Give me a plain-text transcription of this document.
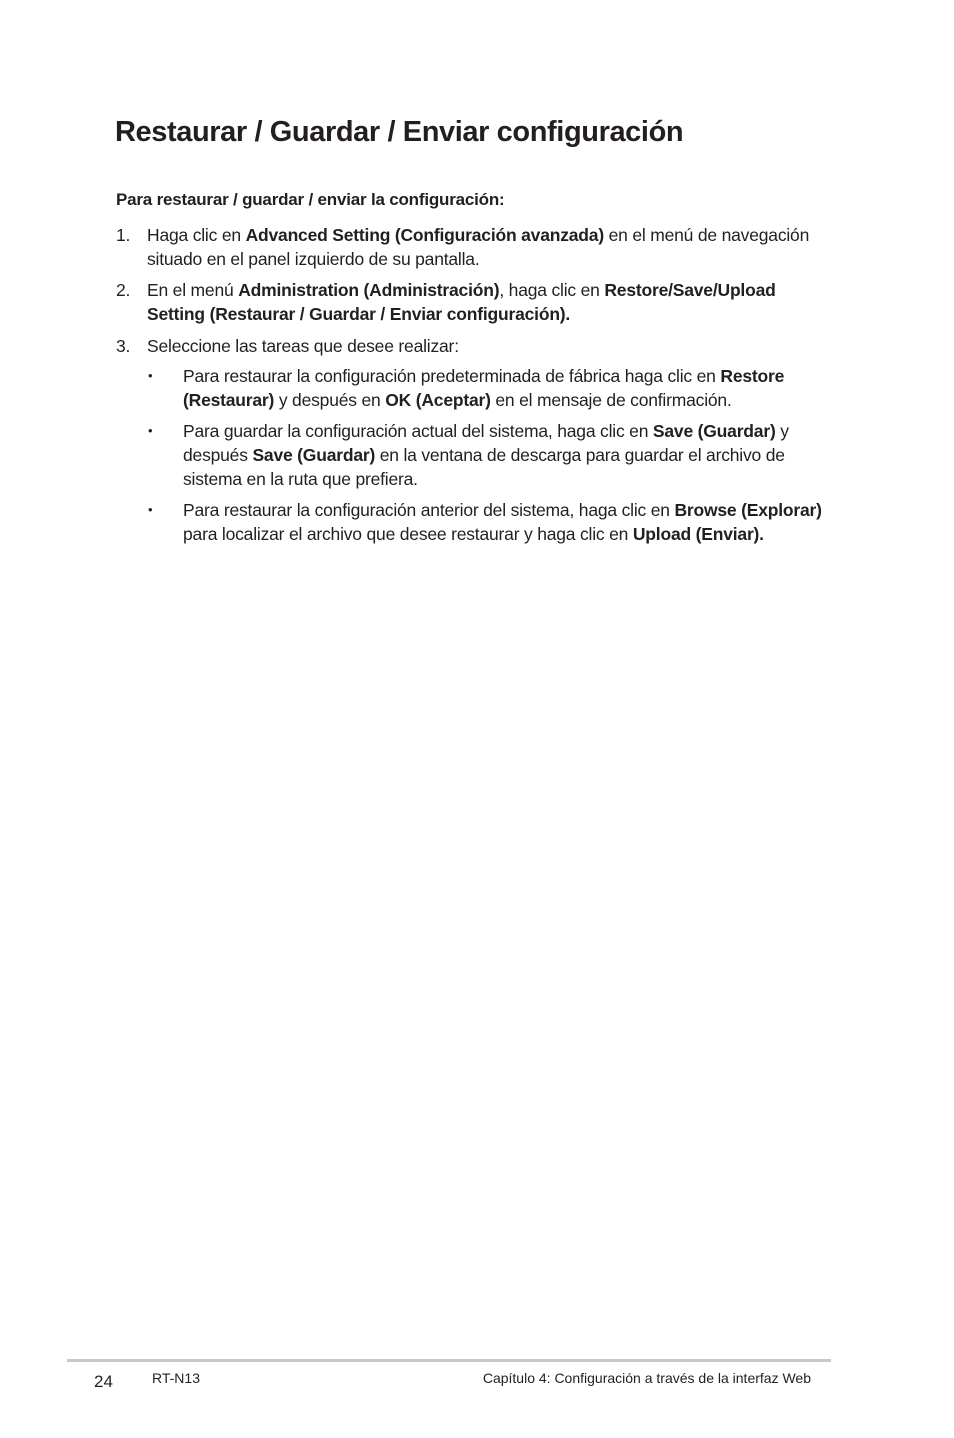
Restaurar / Guardar / Enviar configuración
Para restaurar / guardar / enviar la configuración:
1. Haga clic en Advanced Setting (Configuración avanzada) en el menú de navegación situado en el panel izquierdo de su pantalla.
2. En el menú Administration (Administración), haga clic en Restore/Save/Upload Setting (Restaurar / Guardar / Enviar configuración).
3. Seleccione las tareas que desee realizar:
• Para restaurar la configuración predeterminada de fábrica haga clic en Restore (Restaurar) y después en OK (Aceptar) en el mensaje de confirmación.
• Para guardar la configuración actual del sistema, haga clic en Save (Guardar) y después Save (Guardar) en la ventana de descarga para guardar el archivo de sistema en la ruta que prefiera.
• Para restaurar la configuración anterior del sistema, haga clic en Browse (Explorar) para localizar el archivo que desee restaurar y haga clic en Upload (Enviar).
24	RT-N13	Capítulo 4: Configuración a través de la interfaz Web
